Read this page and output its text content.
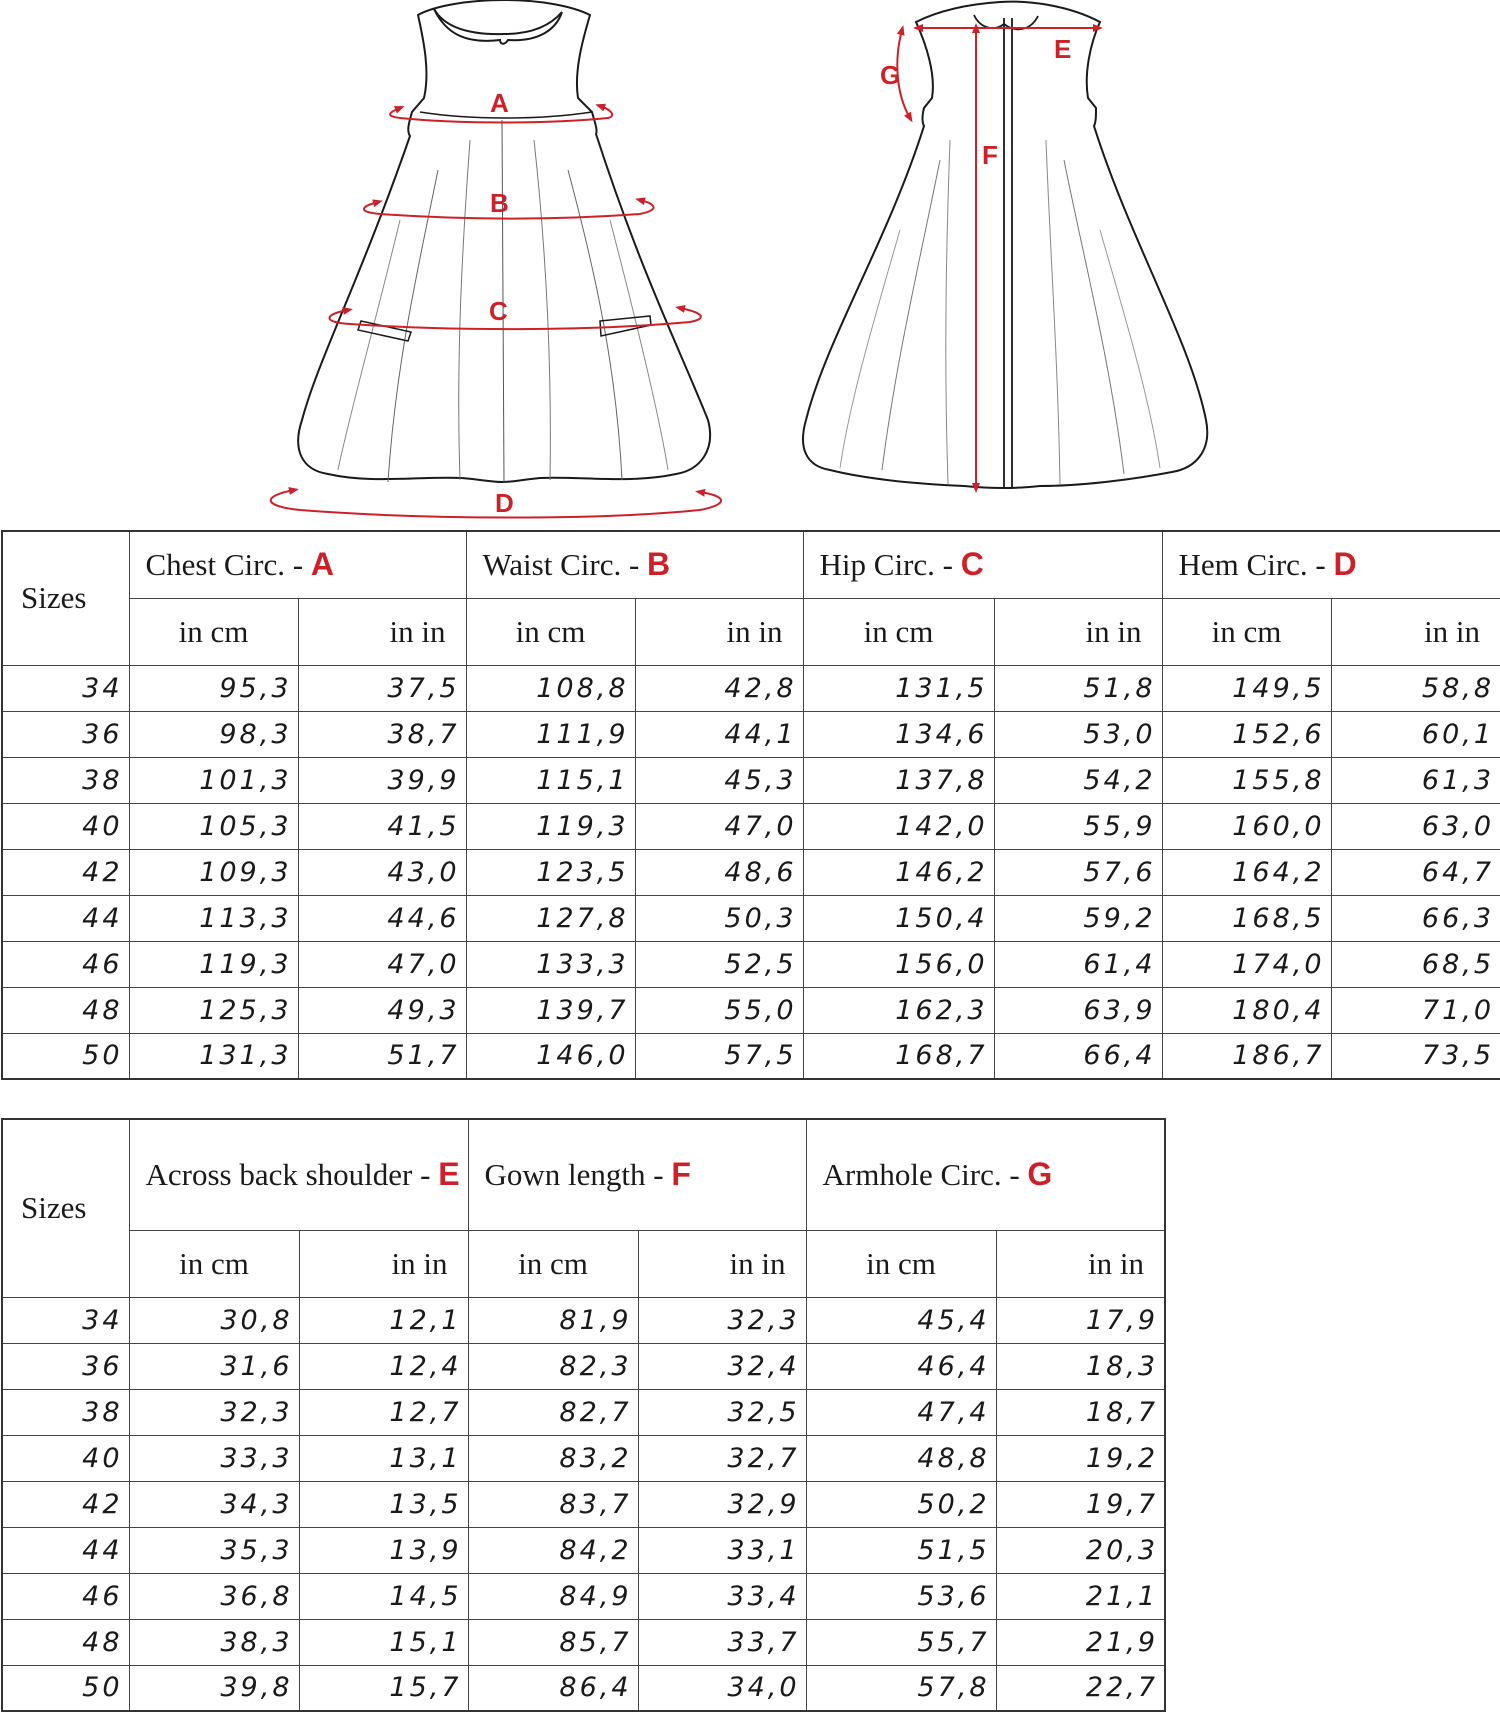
A
B
C
D
E
F
G
Sizes	Chest Circ. - A		Waist Circ. - B		Hip Circ. - C		Hem Circ. - D	
	in cm	in in	in cm	in in	in cm	in in	in cm	in in
34	95,3	37,5	108,8	42,8	131,5	51,8	149,5	58,8
36	98,3	38,7	111,9	44,1	134,6	53,0	152,6	60,1
38	101,3	39,9	115,1	45,3	137,8	54,2	155,8	61,3
40	105,3	41,5	119,3	47,0	142,0	55,9	160,0	63,0
42	109,3	43,0	123,5	48,6	146,2	57,6	164,2	64,7
44	113,3	44,6	127,8	50,3	150,4	59,2	168,5	66,3
46	119,3	47,0	133,3	52,5	156,0	61,4	174,0	68,5
48	125,3	49,3	139,7	55,0	162,3	63,9	180,4	71,0
50	131,3	51,7	146,0	57,5	168,7	66,4	186,7	73,5
Sizes	Across back shoulder - E		Gown length - F		Armhole Circ. - G	
	in cm	in in	in cm	in in	in cm	in in
34	30,8	12,1	81,9	32,3	45,4	17,9
36	31,6	12,4	82,3	32,4	46,4	18,3
38	32,3	12,7	82,7	32,5	47,4	18,7
40	33,3	13,1	83,2	32,7	48,8	19,2
42	34,3	13,5	83,7	32,9	50,2	19,7
44	35,3	13,9	84,2	33,1	51,5	20,3
46	36,8	14,5	84,9	33,4	53,6	21,1
48	38,3	15,1	85,7	33,7	55,7	21,9
50	39,8	15,7	86,4	34,0	57,8	22,7
